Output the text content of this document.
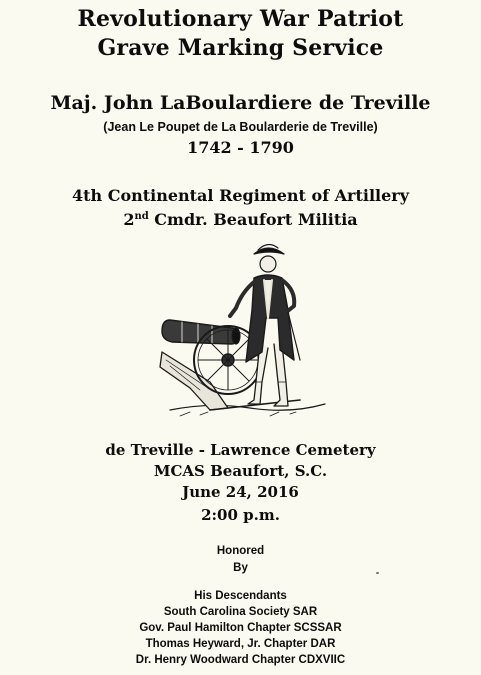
Revolutionary War Patriot
Grave Marking Service
Maj. John LaBoulardiere de Treville
(Jean Le Poupet de La Boularderie de Treville)
1742 - 1790
4th Continental Regiment of Artillery
2nd Cmdr. Beaufort Militia
de Treville - Lawrence Cemetery
MCAS Beaufort, S.C.
June 24, 2016
2:00 p.m.
Honored
By
His Descendants
South Carolina Society SAR
Gov. Paul Hamilton Chapter SCSSAR
Thomas Heyward, Jr. Chapter DAR
Dr. Henry Woodward Chapter CDXVIIC
